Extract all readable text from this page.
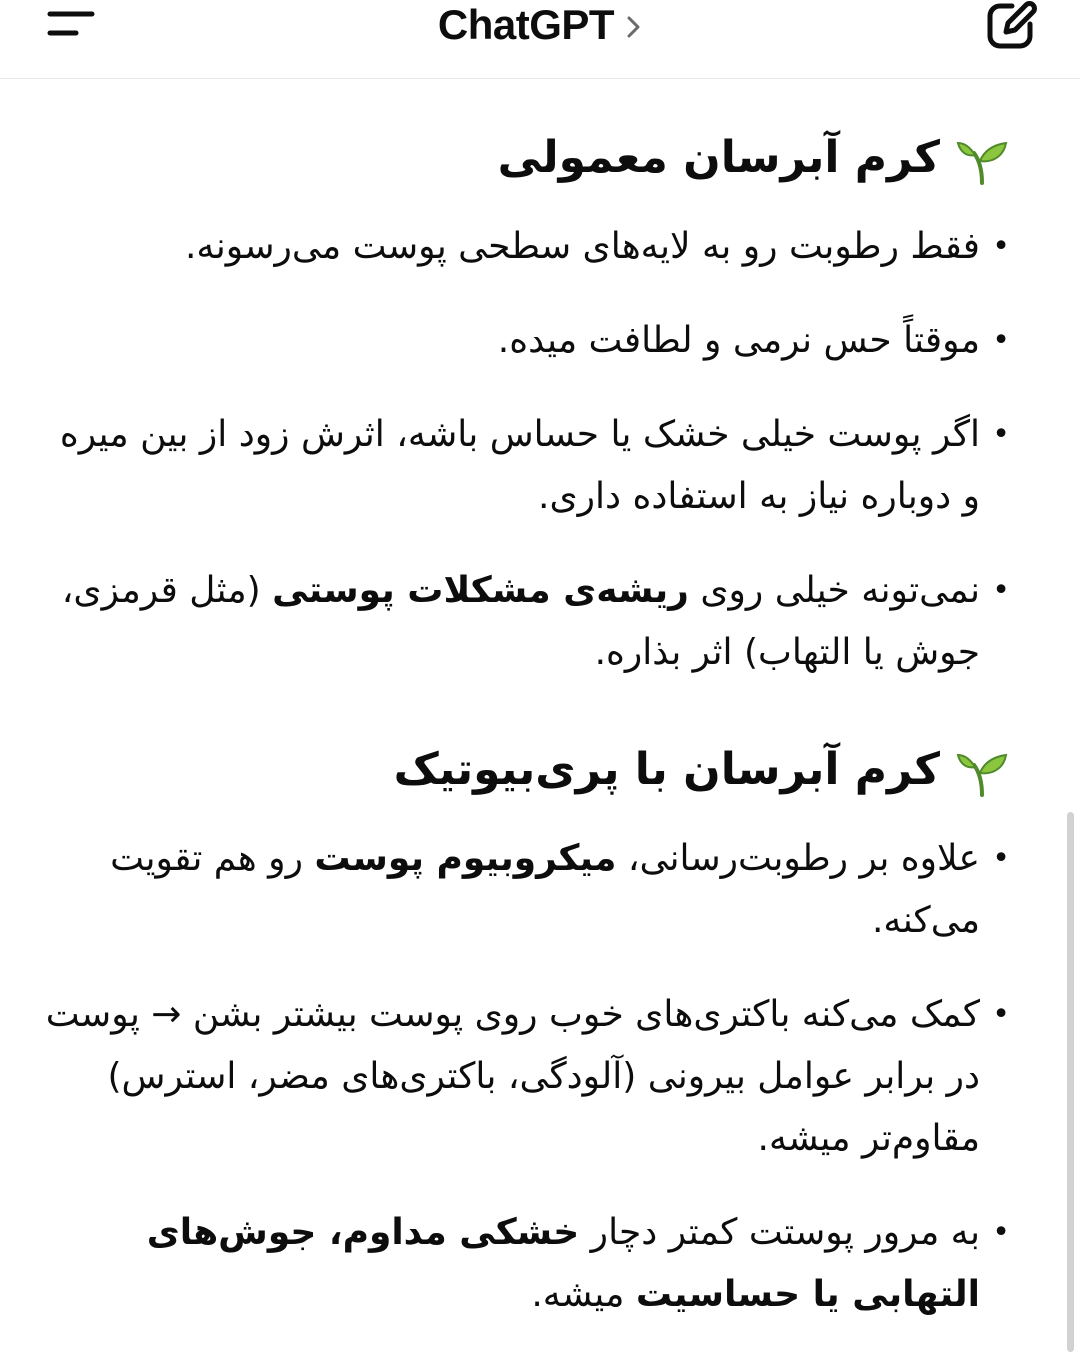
ChatGPT
کرم آبرسان معمولی
• فقط رطوبت رو به لایه‌های سطحی پوست می‌رسونه.
• موقتاً حس نرمی و لطافت میده.
• اگر پوست خیلی خشک یا حساس باشه، اثرش زود از بین میره و دوباره نیاز به استفاده داری.
• نمی‌تونه خیلی روی ریشه‌ی مشکلات پوستی (مثل قرمزی، جوش یا التهاب) اثر بذاره.
کرم آبرسان با پری‌بیوتیک
• علاوه بر رطوبت‌رسانی، میکروبیوم پوست رو هم تقویت می‌کنه.
• کمک می‌کنه باکتری‌های خوب روی پوست بیشتر بشن → پوست در برابر عوامل بیرونی (آلودگی، باکتری‌های مضر، استرس) مقاوم‌تر میشه.
• به مرور پوستت کمتر دچار خشکی مداوم، جوش‌های التهابی یا حساسیت میشه.
